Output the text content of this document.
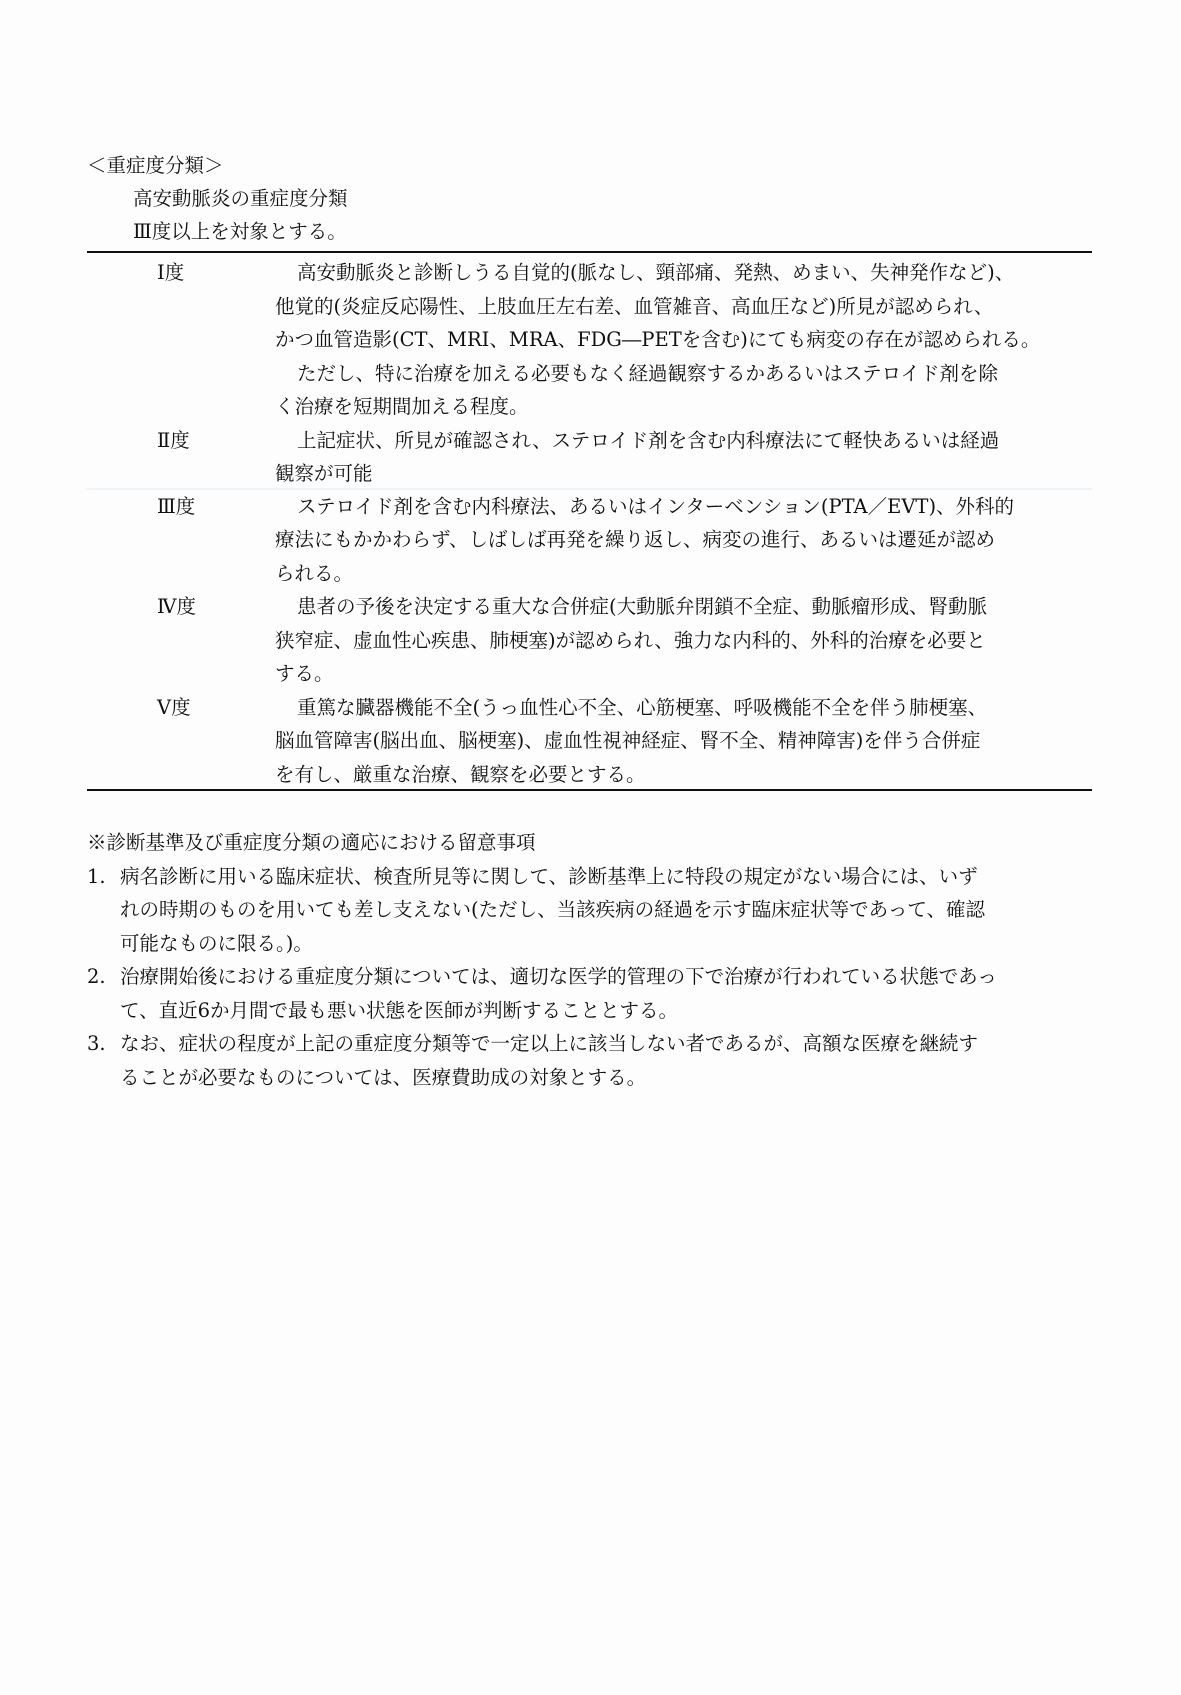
＜重症度分類＞
高安動脈炎の重症度分類
Ⅲ度以上を対象とする。
Ⅰ度	高安動脈炎と診断しうる自覚的(脈なし、頸部痛、発熱、めまい、失神発作など)、
他覚的(炎症反応陽性、上肢血圧左右差、血管雑音、高血圧など)所見が認められ、
かつ血管造影(CT、MRI、MRA、FDG―PETを含む)にても病変の存在が認められる。
ただし、特に治療を加える必要もなく経過観察するかあるいはステロイド剤を除
く治療を短期間加える程度。
Ⅱ度	上記症状、所見が確認され、ステロイド剤を含む内科療法にて軽快あるいは経過
観察が可能
Ⅲ度	ステロイド剤を含む内科療法、あるいはインターベンション(PTA／EVT)、外科的
療法にもかかわらず、しばしば再発を繰り返し、病変の進行、あるいは遷延が認め
られる。
Ⅳ度	患者の予後を決定する重大な合併症(大動脈弁閉鎖不全症、動脈瘤形成、腎動脈
狭窄症、虚血性心疾患、肺梗塞)が認められ、強力な内科的、外科的治療を必要と
する。
Ⅴ度	重篤な臓器機能不全(うっ血性心不全、心筋梗塞、呼吸機能不全を伴う肺梗塞、
脳血管障害(脳出血、脳梗塞)、虚血性視神経症、腎不全、精神障害)を伴う合併症
を有し、厳重な治療、観察を必要とする。
※診断基準及び重症度分類の適応における留意事項
1. 病名診断に用いる臨床症状、検査所見等に関して、診断基準上に特段の規定がない場合には、いず
れの時期のものを用いても差し支えない(ただし、当該疾病の経過を示す臨床症状等であって、確認
可能なものに限る。)。
2. 治療開始後における重症度分類については、適切な医学的管理の下で治療が行われている状態であっ
て、直近6か月間で最も悪い状態を医師が判断することとする。
3. なお、症状の程度が上記の重症度分類等で一定以上に該当しない者であるが、高額な医療を継続す
ることが必要なものについては、医療費助成の対象とする。
